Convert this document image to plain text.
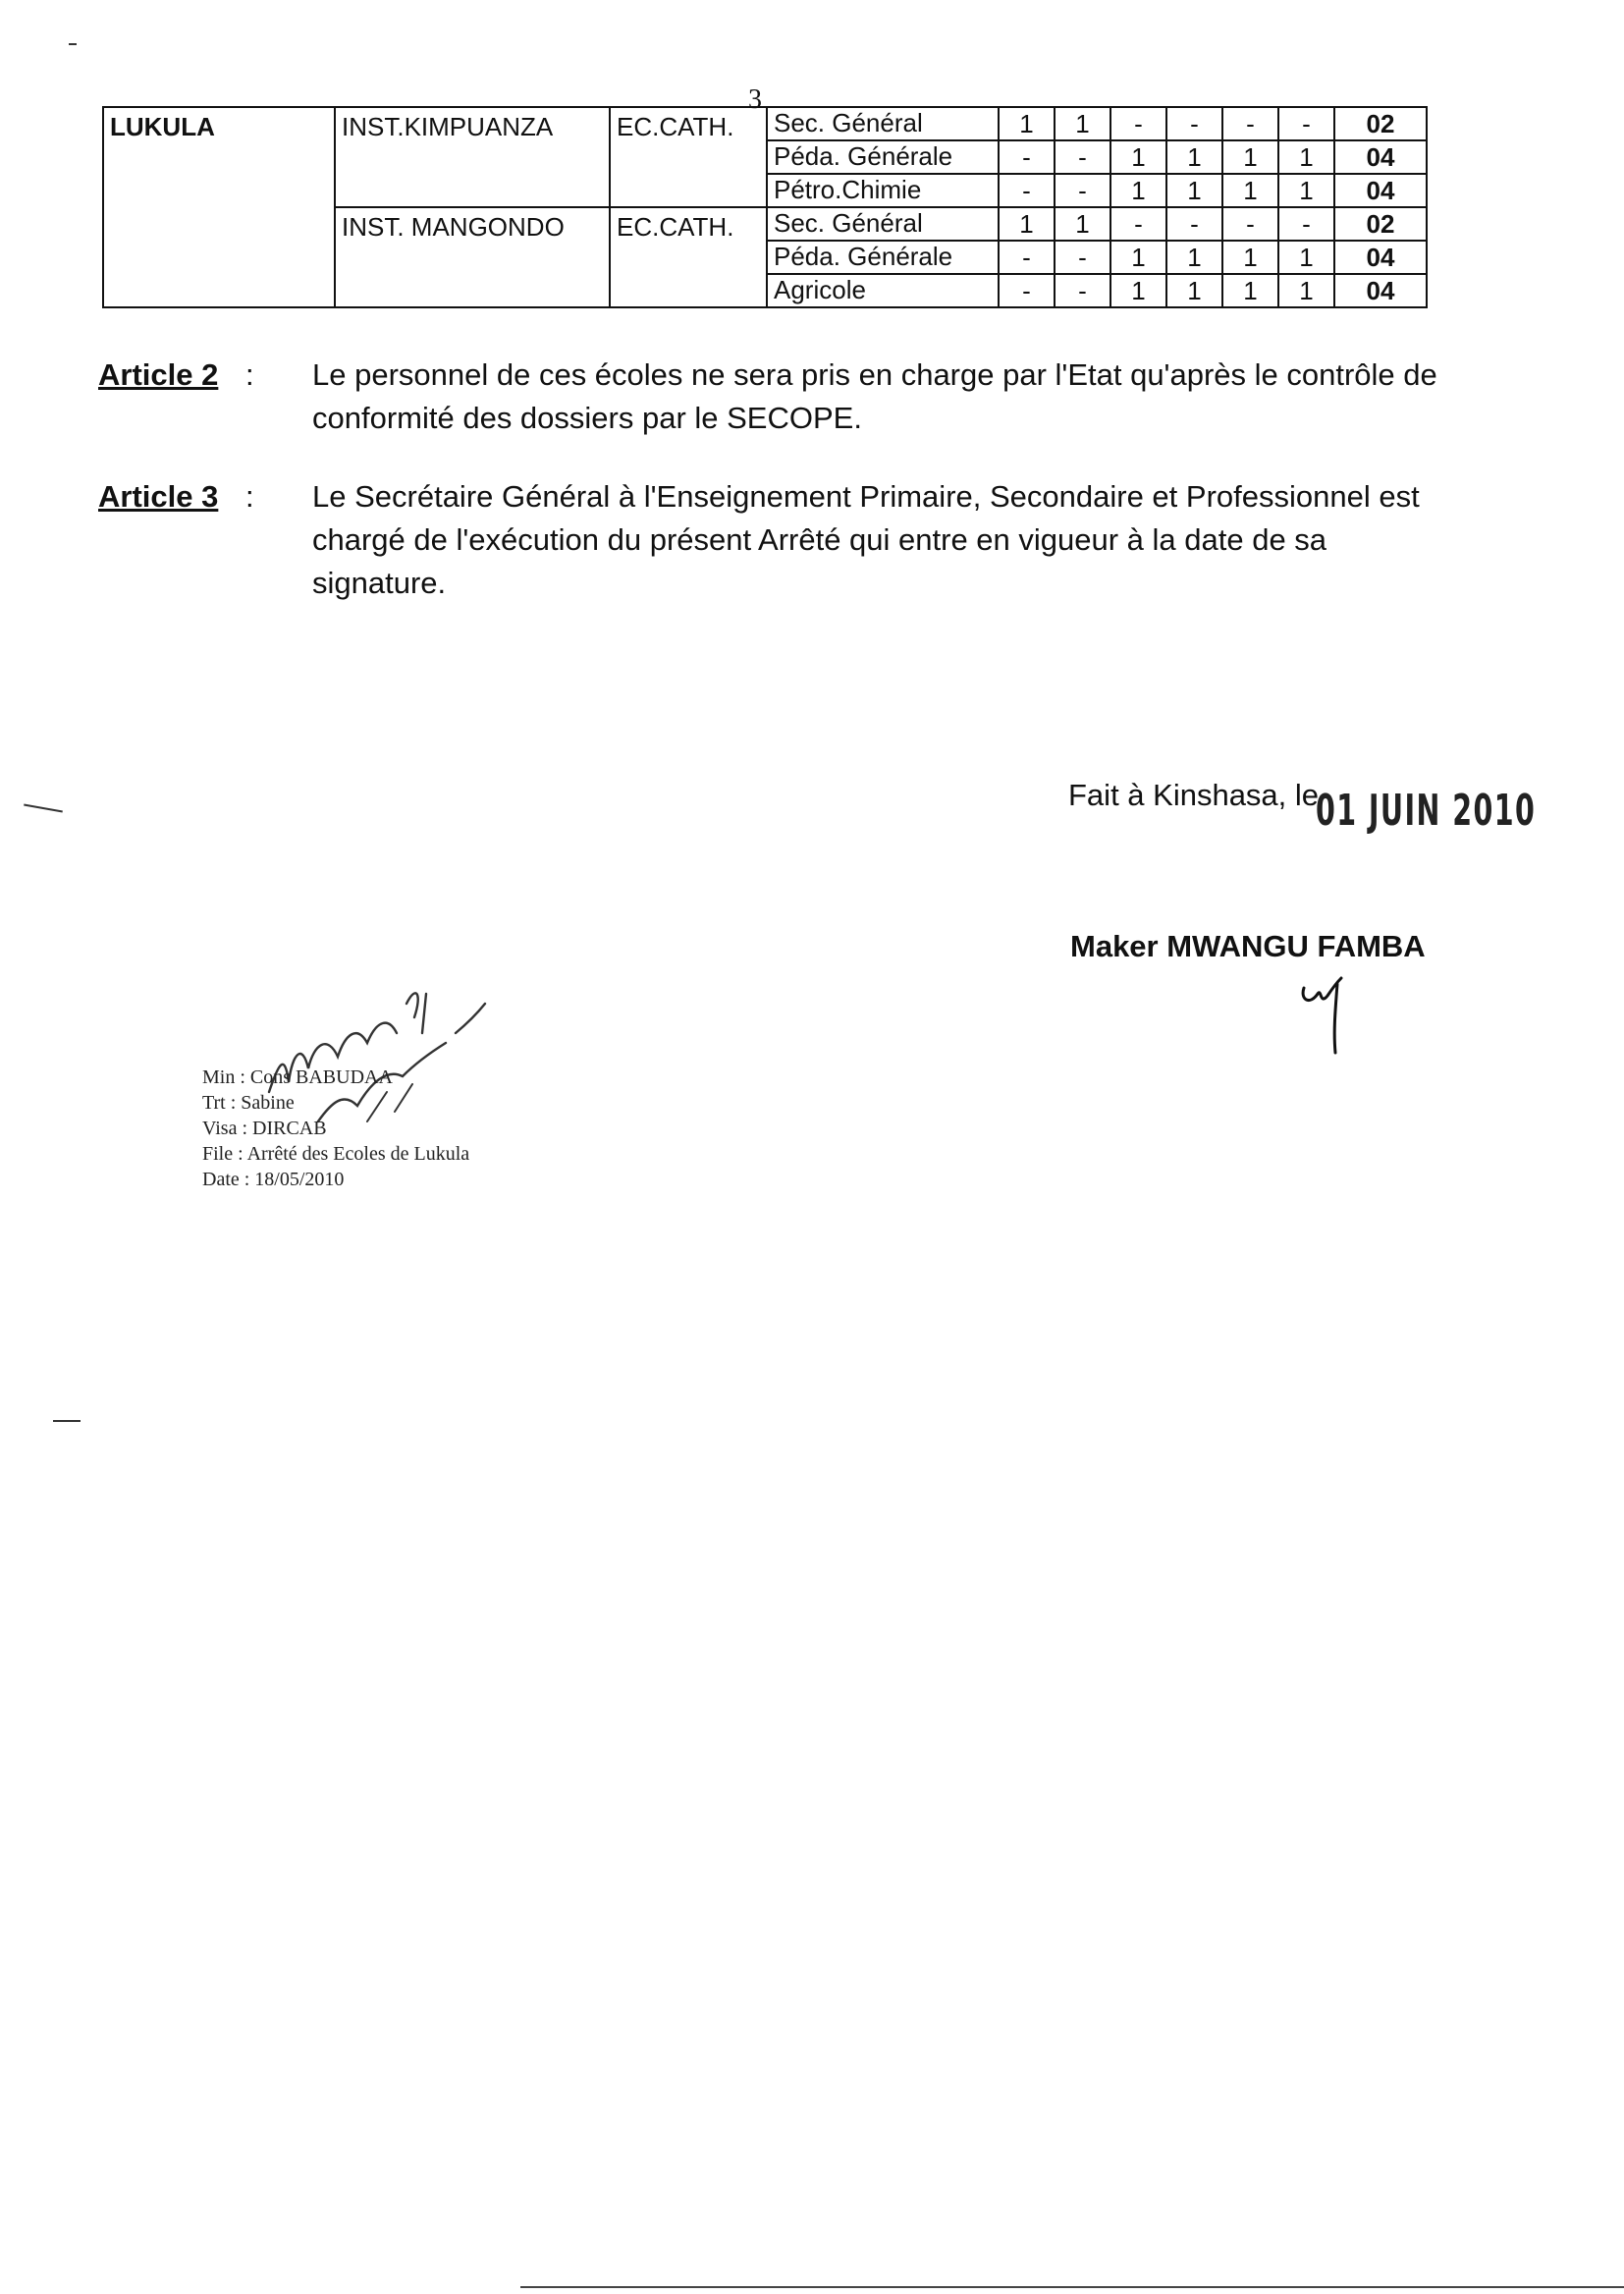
3
LUKULA	INST.KIMPUANZA	EC.CATH.	Sec. Général	1	1	-	-	-	-	02
			Péda. Générale	-	-	1	1	1	1	04
			Pétro.Chimie	-	-	1	1	1	1	04
	INST. MANGONDO	EC.CATH.	Sec. Général	1	1	-	-	-	-	02
			Péda. Générale	-	-	1	1	1	1	04
			Agricole	-	-	1	1	1	1	04
Article 2 : Le personnel de ces écoles ne sera pris en charge par l'Etat qu'après le contrôle de conformité des dossiers par le SECOPE.
Article 3 : Le Secrétaire Général à l'Enseignement Primaire, Secondaire et Professionnel est chargé de l'exécution du présent Arrêté qui entre en vigueur à la date de sa signature.
Fait à Kinshasa, le
01 JUIN 2010
Maker MWANGU FAMBA
Min : Cons BABUDAA
Trt : Sabine
Visa : DIRCAB
File : Arrêté des Ecoles de Lukula
Date : 18/05/2010
